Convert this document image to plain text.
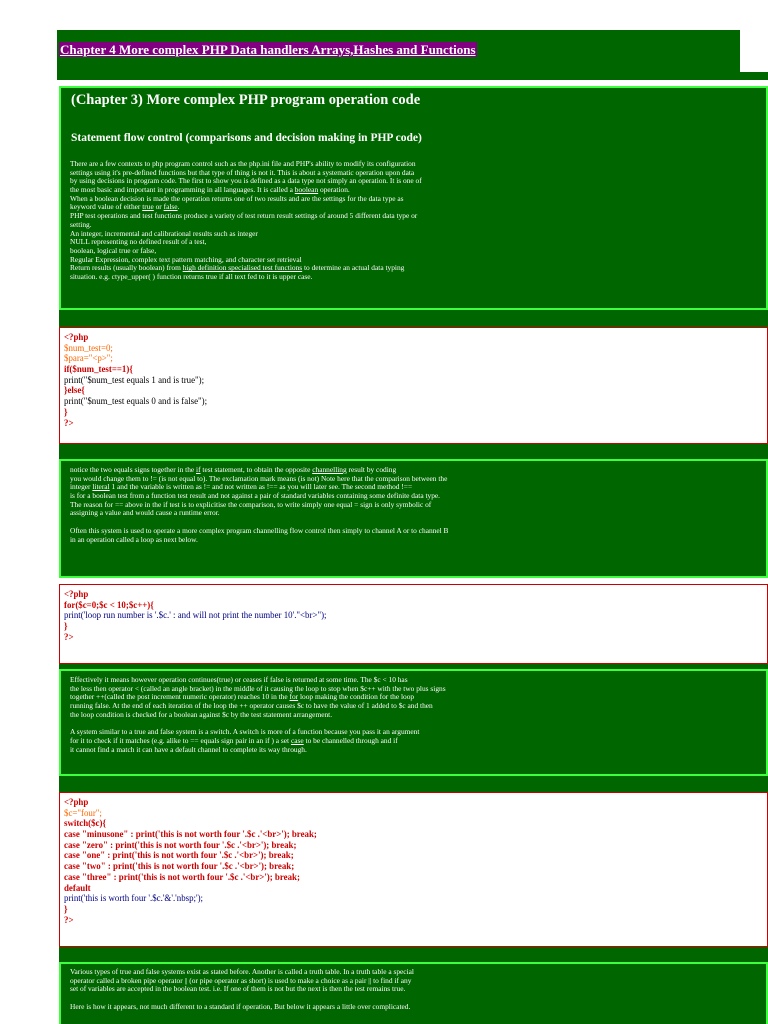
Chapter 4 More complex PHP Data handlers Arrays,Hashes and Functions
(Chapter 3) More complex PHP program operation code
Statement flow control (comparisons and decision making in PHP code)
There are a few contexts to php program control such as the php.ini file and PHP's ability to modify its configuration
settings using it's pre-defined functions but that type of thing is not it. This is about a systematic operation upon data
by using decisions in program code. The first to show you is defined as a data type not simply an operation. It is one of
the most basic and important in programming in all languages. It is called a boolean operation.
When a boolean decision is made the operation returns one of two results and are the settings for the data type as
keyword value of either true or false.
PHP test operations and test functions produce a variety of test return result settings of around 5 different data type or
setting.
An integer, incremental and calibrational results such as integer
NULL representing no defined result of a test,
boolean, logical true or false,
Regular Expression, complex text pattern matching, and character set retrieval
Return results (usually boolean) from high definition specialised test functions to determine an actual data typing
situation. e.g. ctype_upper( ) function returns true if all text fed to it is upper case.
<?php
$num_test=0;
$para="<p>";
if($num_test==1){
print("$num_test equals 1 and is true");
}else{
print("$num_test equals 0 and is false");
}
?>
notice the two equals signs together in the if test statement, to obtain the opposite channelling result by coding
you would change them to != (is not equal to). The exclamation mark means (is not) Note here that the comparison between the
integer literal 1 and the variable is written as != and not written as !== as you will later see. The second method !==
is for a boolean test from a function test result and not against a pair of standard variables containing some definite data type.
The reason for == above in the if test is to explicitise the comparison, to write simply one equal = sign is only symbolic of
assigning a value and would cause a runtime error.
Often this system is used to operate a more complex program channelling flow control then simply to channel A or to channel B
in an operation called a loop as next below.
<?php
for($c=0;$c < 10;$c++){
print('loop run number is '.$c.' : and will not print the number 10'."<br>");
}
?>
Effectively it means however operation continues(true) or ceases if false is returned at some time. The $c < 10 has
the less then operator < (called an angle bracket) in the middle of it causing the loop to stop when $c++ with the two plus signs
together ++(called the post increment numeric operator) reaches 10 in the for loop making the condition for the loop
running false. At the end of each iteration of the loop the ++ operator causes $c to have the value of 1 added to $c and then
the loop condition is checked for a boolean against $c by the test statement arrangement.
A system similar to a true and false system is a switch. A switch is more of a function because you pass it an argument
for it to check if it matches (e.g. alike to == equals sign pair in an if ) a set case to be channelled through and if
it cannot find a match it can have a default channel to complete its way through.
<?php
$c="four";
switch($c){
case "minusone" : print('this is not worth four '.$c .'<br>'); break;
case "zero" : print('this is not worth four '.$c .'<br>'); break;
case "one" : print('this is not worth four '.$c .'<br>'); break;
case "two" : print('this is not worth four '.$c .'<br>'); break;
case "three" : print('this is not worth four '.$c .'<br>'); break;
default
print('this is worth four '.$c.'&'.'nbsp;');
}
?>
Various types of true and false systems exist as stated before. Another is called a truth table. In a truth table a special
operator called a broken pipe operator || (or pipe operator as short) is used to make a choice as a pair || to find if any
set of variables are accepted in the boolean test. i.e. If one of them is not but the next is then the test remains true.
Here is how it appears, not much different to a standard if operation, But below it appears a little over complicated.
